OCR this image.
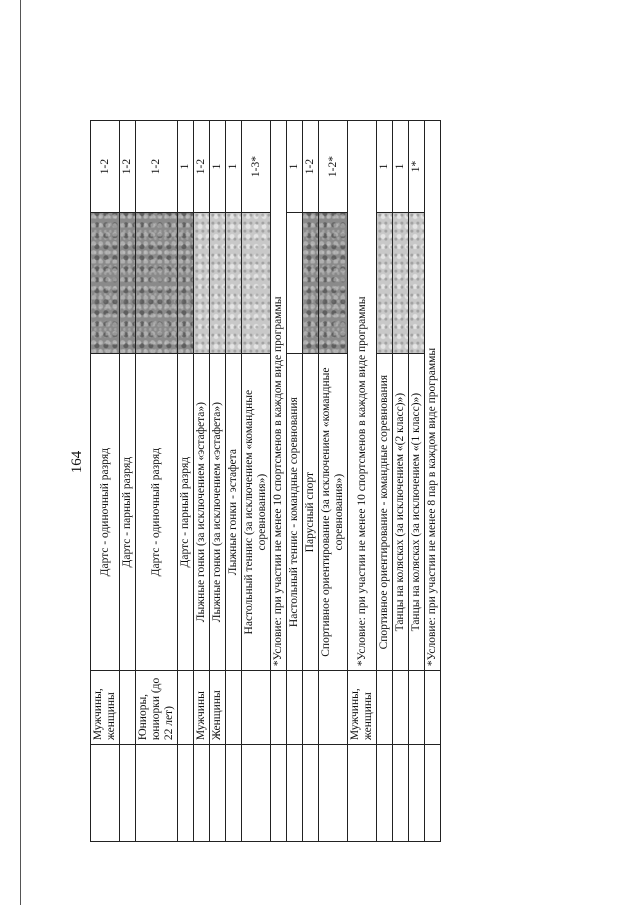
164
	Мужчины, женщины	Дартс - одиночный разряд		1-2
		Дартс - парный разряд		1-2
	Юниоры, юниорки (до 22 лет)	Дартс - одиночный разряд		1-2
		Дартс - парный разряд		1
	Мужчины	Лыжные гонки (за исключением «эстафета»)		1-2
	Женщины	Лыжные гонки (за исключением «эстафета»)		1
		Лыжные гонки - эстафета		1
		Настольный теннис (за исключением «командные соревнования»)		1-3*
		*Условие: при участии не менее 10 спортсменов в каждом виде программы		
		Настольный теннис - командные соревнования		1
		Парусный спорт		1-2
		Спортивное ориентирование (за исключением «командные соревнования»)		1-2*
	Мужчины, женщины	*Условие: при участии не менее 10 спортсменов в каждом виде программы		
		Спортивное ориентирование - командные соревнования		1
		Танцы на колясках (за исключением «(2 класс)»)		1
		Танцы на колясках (за исключением «(1 класс)»)		1*
		*Условие: при участии не менее 8 пар в каждом виде программы		
